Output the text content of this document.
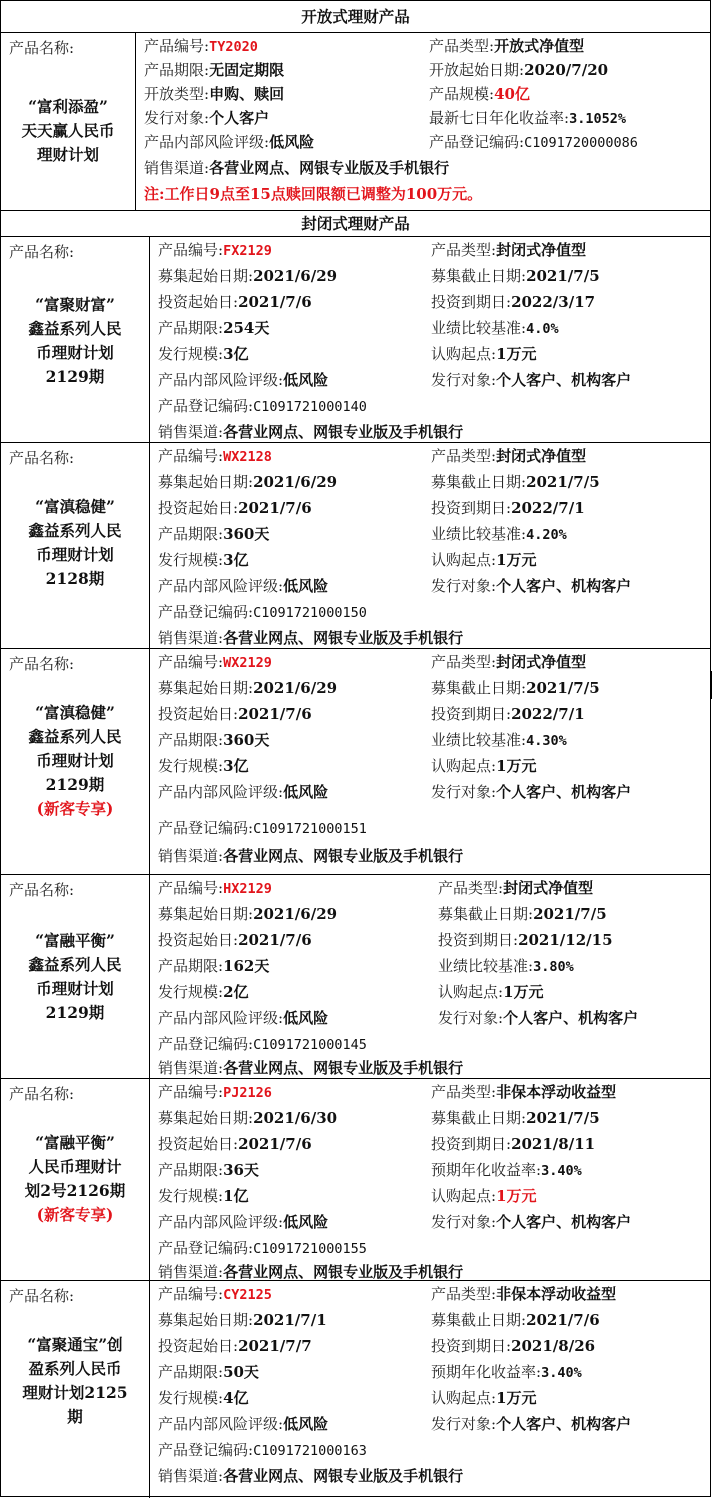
开放式理财产品
产品名称:
“富利添盈”
天天赢人民币
理财计划
产品编号:TY2020	产品类型:开放式净值型
产品期限:无固定期限	开放起始日期:2020/7/20
开放类型:申购、赎回	产品规模:40亿
发行对象:个人客户	最新七日年化收益率:3.1052%
产品内部风险评级:低风险	产品登记编码:C1091720000086
销售渠道:各营业网点、网银专业版及手机银行
注:工作日9点至15点赎回限额已调整为100万元。
封闭式理财产品
产品名称:
“富聚财富”
鑫益系列人民
币理财计划
2129期
产品编号:FX2129	产品类型:封闭式净值型
募集起始日期:2021/6/29	募集截止日期:2021/7/5
投资起始日:2021/7/6	投资到期日:2022/3/17
产品期限:254天	业绩比较基准:4.0%
发行规模:3亿	认购起点:1万元
产品内部风险评级:低风险	发行对象:个人客户、机构客户
产品登记编码:C1091721000140
销售渠道:各营业网点、网银专业版及手机银行
产品名称:
“富滇稳健”
鑫益系列人民
币理财计划
2128期
产品编号:WX2128	产品类型:封闭式净值型
募集起始日期:2021/6/29	募集截止日期:2021/7/5
投资起始日:2021/7/6	投资到期日:2022/7/1
产品期限:360天	业绩比较基准:4.20%
发行规模:3亿	认购起点:1万元
产品内部风险评级:低风险	发行对象:个人客户、机构客户
产品登记编码:C1091721000150
销售渠道:各营业网点、网银专业版及手机银行
产品名称:
“富滇稳健”
鑫益系列人民
币理财计划
2129期
(新客专享)
产品编号:WX2129	产品类型:封闭式净值型
募集起始日期:2021/6/29	募集截止日期:2021/7/5
投资起始日:2021/7/6	投资到期日:2022/7/1
产品期限:360天	业绩比较基准:4.30%
发行规模:3亿	认购起点:1万元
产品内部风险评级:低风险	发行对象:个人客户、机构客户
产品登记编码:C1091721000151
销售渠道:各营业网点、网银专业版及手机银行
产品名称:
“富融平衡”
鑫益系列人民
币理财计划
2129期
产品编号:HX2129	产品类型:封闭式净值型
募集起始日期:2021/6/29	募集截止日期:2021/7/5
投资起始日:2021/7/6	投资到期日:2021/12/15
产品期限:162天	业绩比较基准:3.80%
发行规模:2亿	认购起点:1万元
产品内部风险评级:低风险	发行对象:个人客户、机构客户
产品登记编码:C1091721000145
销售渠道:各营业网点、网银专业版及手机银行
产品名称:
“富融平衡”
人民币理财计
划2号2126期
(新客专享)
产品编号:PJ2126	产品类型:非保本浮动收益型
募集起始日期:2021/6/30	募集截止日期:2021/7/5
投资起始日:2021/7/6	投资到期日:2021/8/11
产品期限:36天	预期年化收益率:3.40%
发行规模:1亿	认购起点:1万元
产品内部风险评级:低风险	发行对象:个人客户、机构客户
产品登记编码:C1091721000155
销售渠道:各营业网点、网银专业版及手机银行
产品名称:
“富聚通宝”创
盈系列人民币
理财计划2125
期
产品编号:CY2125	产品类型:非保本浮动收益型
募集起始日期:2021/7/1	募集截止日期:2021/7/6
投资起始日:2021/7/7	投资到期日:2021/8/26
产品期限:50天	预期年化收益率:3.40%
发行规模:4亿	认购起点:1万元
产品内部风险评级:低风险	发行对象:个人客户、机构客户
产品登记编码:C1091721000163
销售渠道:各营业网点、网银专业版及手机银行
